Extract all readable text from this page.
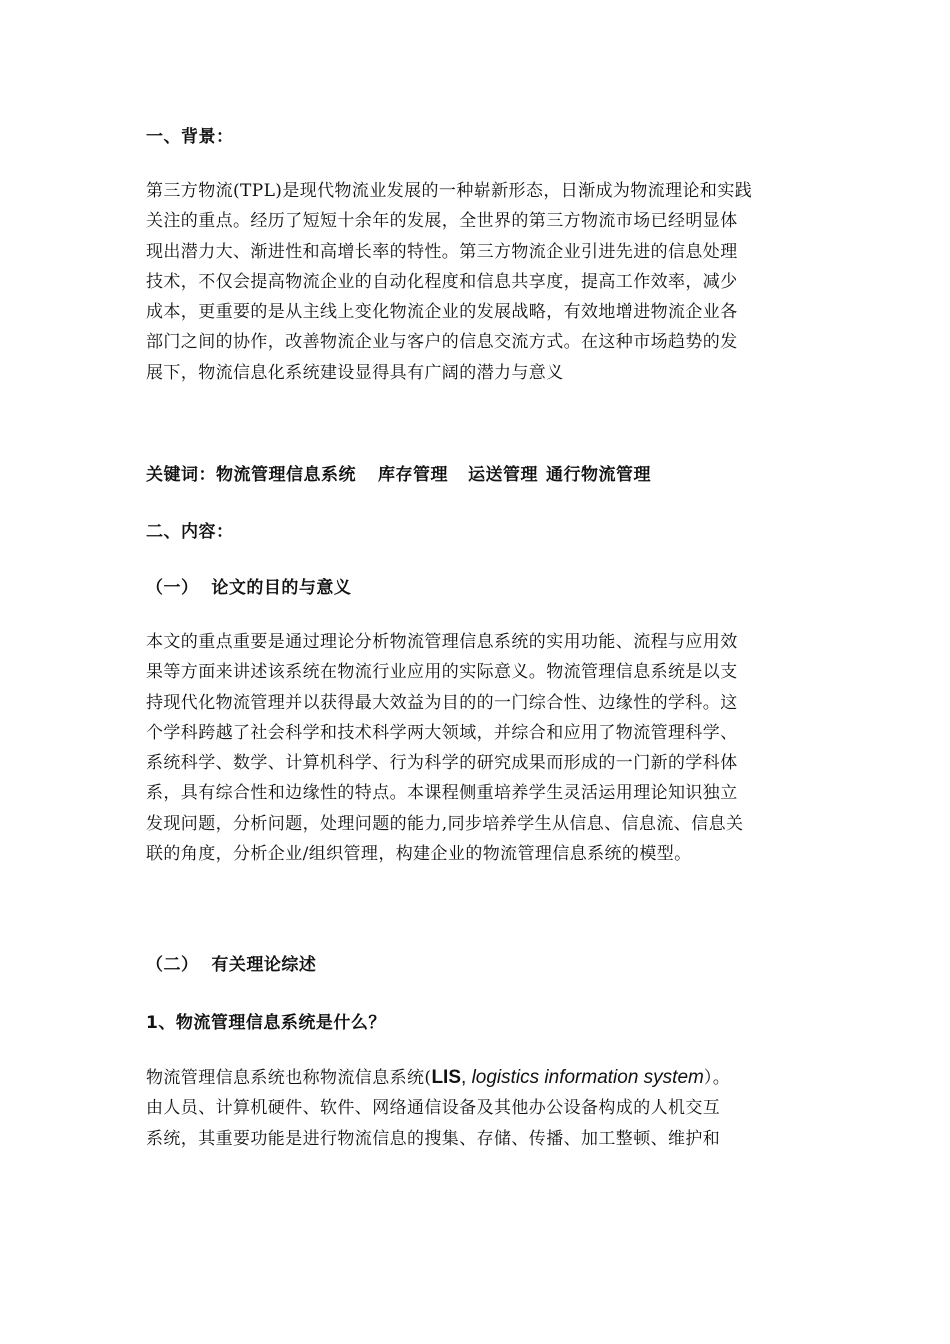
一、背景：
第三方物流(TPL)是现代物流业发展的一种崭新形态，日渐成为物流理论和实践
关注的重点。经历了短短十余年的发展，全世界的第三方物流市场已经明显体
现出潜力大、渐进性和高增长率的特性。第三方物流企业引进先进的信息处理
技术，不仅会提高物流企业的自动化程度和信息共享度，提高工作效率，减少
成本，更重要的是从主线上变化物流企业的发展战略，有效地增进物流企业各
部门之间的协作，改善物流企业与客户的信息交流方式。在这种市场趋势的发
展下，物流信息化系统建设显得具有广阔的潜力与意义

关键词：物流管理信息系统 库存管理 运送管理 通行物流管理

二、内容：
（一）  论文的目的与意义
本文的重点重要是通过理论分析物流管理信息系统的实用功能、流程与应用效
果等方面来讲述该系统在物流行业应用的实际意义。物流管理信息系统是以支
持现代化物流管理并以获得最大效益为目的的一门综合性、边缘性的学科。这
个学科跨越了社会科学和技术科学两大领域，并综合和应用了物流管理科学、
系统科学、数学、计算机科学、行为科学的研究成果而形成的一门新的学科体
系，具有综合性和边缘性的特点。本课程侧重培养学生灵活运用理论知识独立
发现问题，分析问题，处理问题的能力,同步培养学生从信息、信息流、信息关
联的角度，分析企业/组织管理，构建企业的物流管理信息系统的模型。
（二）  有关理论综述
1、物流管理信息系统是什么？
物流管理信息系统也称物流信息系统(LIS, logistics information system）。
由人员、计算机硬件、软件、网络通信设备及其他办公设备构成的人机交互
系统，其重要功能是进行物流信息的搜集、存储、传播、加工整顿、维护和
